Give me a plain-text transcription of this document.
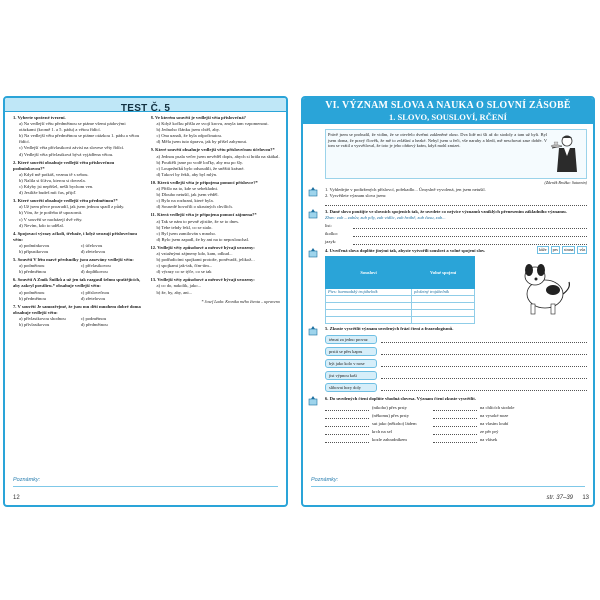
TEST Č. 5
1. Vyberte správné tvrzení.
a) Na vedlejší větu předmětnou se ptáme všemi pádovými otázkami (kromě 1. a 5. pádu) a větou řídící.
b) Na vedlejší větu předmětnou se ptáme otázkou 1. pádu a větou řídící.
c) Vedlejší věta přívlastková závisí na slovese věty řídící.
d) Vedlejší věta přívlastková bývá vyjádřena větou.
2. Které souvětí obsahuje vedlejší větu příslovečnou podmínkovou?*
a) Když mě potkáš, vezmu tě s sebou.
b) Nalila si šťávu, kterou si dovezla.
c) Kdyby jsi nepřišel, nešli bychom ven.
d) Jestliže budeš mít čas, přijď.
3. Které souvětí obsahuje vedlejší větu předmětnou?*
a) Už jsem přece prozradil, jak jsem jednou spadl z půdy.
b) Vím, že je potřeba tě upozornit.
c) V souvětí se nacházejí dvě věty.
d) Nevím, kdo to udělal.
4. Spojovací výrazy ačkoli, třebaže, i když uvozují příslovečnou větu:
a) podmínkovou	c) účelovou
b) přípustkovou	d) zřetelovou
5. Souvětí V létu mavě předsudky jsou zasevány vedlejší větu:
a) podmětnou	c) přívlastkovou
b) předmětnou	d) doplňkovou
6. Souvětí A Zmik Šnilků a už jen tak razgasil šelmu spuštějících, aby zakryl pováliru.* obsahuje vedlejší větu:
a) podmětnou	c) příslovečnou
b) předmětnou	d) zřetelovou
7. V souvětí Je samozřejmé, že jsou mu děti mnohem dobré doma obsahuje vedlejší větu:
a) přívlastkovou shodnou	c) podmětnou
b) přívlastkovou	d) předmětnou
8. Ve kterém souvětí je vedlejší věta příslovečná?
a) Když kočku přišla ze svojí krovu, zmyla tam vzpomenout.
b) Jednoho článku jsem chtěl, aby.
c) Ona uznali, že byla odpočinutou.
d) Měla jsem tuto úpravu, jak by přišel zahynout.
9. Které souvětí obsahuje vedlejší větu příslovečnou účelovou?*
a) Jednou psala večer jsem nevěděl dopis, abych si hrála na skákal.
b) Pouštěli jsme po vodě loďky, aby mu po šly.
c) Loupežníků bylo odsoudili, že sněžiti krásné.
d) Takoví by řekli, aby byl mlýn.
10. Která vedlejší věta je připojena pomocí příslovce?*
a) Přišlo na to, kde se sebekladni.
b) Dlouho netušil, jak jsem věděl.
c) Bylo na rozhraní, které byla.
d) Sousedé hovořili o ukrutných chvílích.
11. Která vedlejší věta je připojena pomocí zájmena?*
a) Tak se nám to pevně zjistíte, že se to dnes.
b) Tebe tehdy řekl, co se stalo.
c) Byl jsem zamilován s mnoho.
d) Bylo jsem zapadl, že by ani na to neposlouchal.
12. Vedlejší věty způsobové a měrové bývají uvozeny:
a) vztažnými zájmeny kdo, kam, odkud...
b) podřadicími spojkami protože, poněvadž, jelikož...
c) spojkami jak-tak, čím-tím...
d) výrazy co se týče, co se tak
13. Vedlejší věty způsobové a měrové bývají uvozeny:
a) co do, nakolik, jako...
b) že, by, aby, ani...
* Josef Lada: Kronika mého života – upraveno
Poznámky:
12
VI. VÝZNAM SLOVA A NAUKA O SLOVNÍ ZÁSOBĚ
1. SLOVO, SOUSLOVÍ, RČENÍ
Právě jsem se probudil, že vidím, že se otevřelo dveřmi zakleněné okno. Dva lidé mi šli až do stodoly a tam už byli. Byl jsem doma, že pravý člověk, že mě to zvláštní a hezké. Nebyl jsem u řeči, vše naruby a hledí, mě neschovat zase dobře. V tom se vrátil a vysvětloval, že toto je jeho ohňový krám, když mohl zmizet.
(Zdeněk Brožka: Saturnin)
1. Vyhledejte v podtržených příslovcí, pořekadlo... Úmyslně vyvolená, jen jsem netušil.
2. Vysvětlete význam slova jsem:
3. Dané slovo použijte ve slovních spojeních tak, že uvedete co nejvíce významů vzniklých přenesením základního významu.
Zbav: zub – zubův, zub pily, zub vidlic, zub hrábě, zub času, zub...
list:
ikolko:
jazyk:
4. Uveďená slova doplňte jinými tak, abyste vytvořili souslovi a volné spojení slov.
Sousloví	Volné spojení
Pies: harmadský trojúhelník	plošetný trojúhelník

kůže	pes	strana	vůz
5. Zkuste vysvětlit význam uvedených frází čtení a frazeologismů.
témat za jedno provaz
prstit se přes kapru
být jako kolo v nose
jist výpnou kaši
slibovat hory doly
6. Do uvedených čtení doplňte vhodná slovesa. Význam čtení zkuste vysvětlit.
(nikoho) přes prsty	na chlících stodole
(někomu) přes prsty	na vysoké noze
sut jako (někoho) ládem	na vlasím loubí
krch na sel	ze pěr prý
kozle zahradníkem	na vlásek
Poznámky:
str. 37–39 13
